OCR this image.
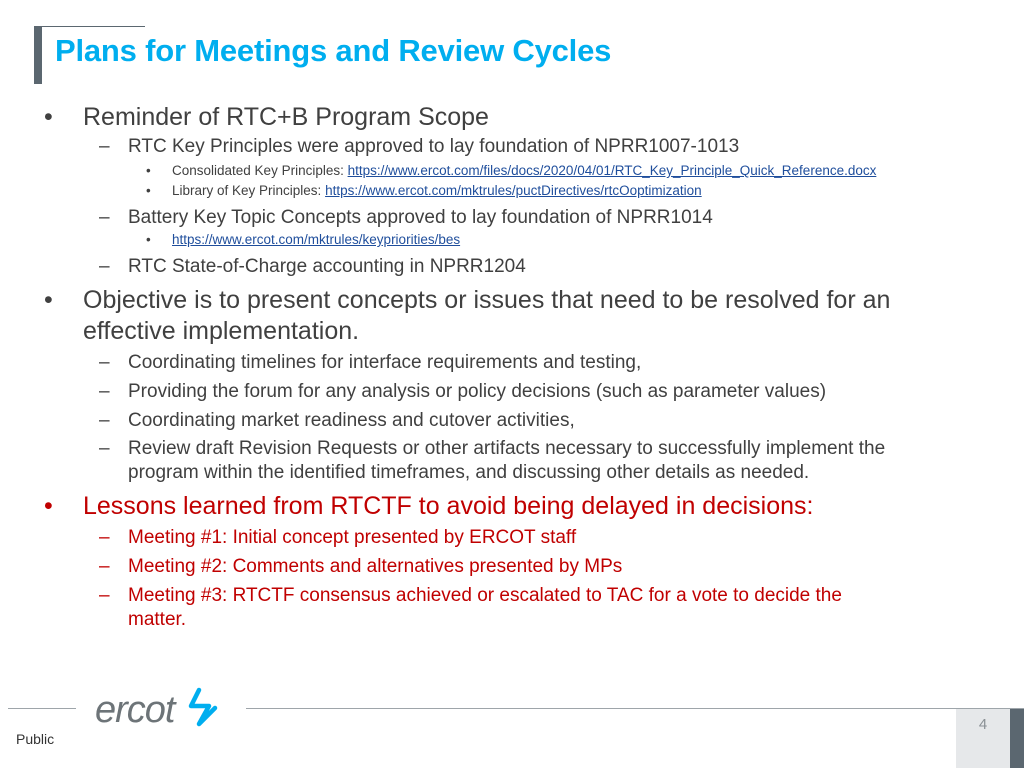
Plans for Meetings and Review Cycles
• Reminder of RTC+B Program Scope
– RTC Key Principles were approved to lay foundation of NPRR1007-1013
• Consolidated Key Principles: https://www.ercot.com/files/docs/2020/04/01/RTC_Key_Principle_Quick_Reference.docx
• Library of Key Principles: https://www.ercot.com/mktrules/puctDirectives/rtcOoptimization
– Battery Key Topic Concepts approved to lay foundation of NPRR1014
• https://www.ercot.com/mktrules/keypriorities/bes
– RTC State-of-Charge accounting in NPRR1204
• Objective is to present concepts or issues that need to be resolved for an
effective implementation.
– Coordinating timelines for interface requirements and testing,
– Providing the forum for any analysis or policy decisions (such as parameter values)
– Coordinating market readiness and cutover activities,
– Review draft Revision Requests or other artifacts necessary to successfully implement the
program within the identified timeframes, and discussing other details as needed.
• Lessons learned from RTCTF to avoid being delayed in decisions:
– Meeting #1: Initial concept presented by ERCOT staff
– Meeting #2: Comments and alternatives presented by MPs
– Meeting #3: RTCTF consensus achieved or escalated to TAC for a vote to decide the
matter.
ercot
Public
4
